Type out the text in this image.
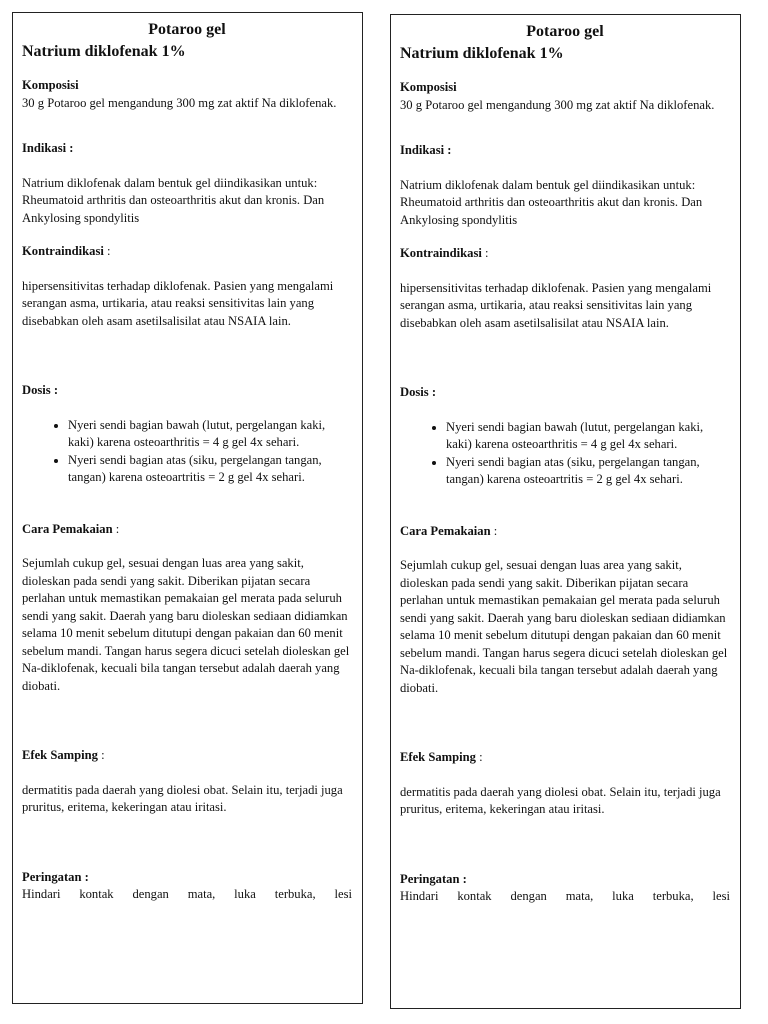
Potaroo gel
Natrium diklofenak 1%
Komposisi
30 g Potaroo gel mengandung 300 mg zat aktif Na diklofenak.
Indikasi :
Natrium diklofenak dalam bentuk gel diindikasikan untuk: Rheumatoid arthritis dan osteoarthritis akut dan kronis. Dan Ankylosing spondylitis
Kontraindikasi :
hipersensitivitas terhadap diklofenak. Pasien yang mengalami serangan asma, urtikaria, atau reaksi sensitivitas lain yang disebabkan oleh asam asetilsalisilat atau NSAIA lain.
Dosis :
• Nyeri sendi bagian bawah (lutut, pergelangan kaki, kaki) karena osteoarthritis = 4 g gel 4x sehari.
• Nyeri sendi bagian atas (siku, pergelangan tangan, tangan) karena osteoartritis = 2 g gel 4x sehari.
Cara Pemakaian :
Sejumlah cukup gel, sesuai dengan luas area yang sakit, dioleskan pada sendi yang sakit. Diberikan pijatan secara perlahan untuk memastikan pemakaian gel merata pada seluruh sendi yang sakit. Daerah yang baru dioleskan sediaan didiamkan selama 10 menit sebelum ditutupi dengan pakaian dan 60 menit sebelum mandi. Tangan harus segera dicuci setelah dioleskan gel Na-diklofenak, kecuali bila tangan tersebut adalah daerah yang diobati.
Efek Samping :
dermatitis pada daerah yang diolesi obat. Selain itu, terjadi juga pruritus, eritema, kekeringan atau iritasi.
Peringatan :
Hindari kontak dengan mata, luka terbuka, lesi
Potaroo gel
Natrium diklofenak 1%
Komposisi
30 g Potaroo gel mengandung 300 mg zat aktif Na diklofenak.
Indikasi :
Natrium diklofenak dalam bentuk gel diindikasikan untuk: Rheumatoid arthritis dan osteoarthritis akut dan kronis. Dan Ankylosing spondylitis
Kontraindikasi :
hipersensitivitas terhadap diklofenak. Pasien yang mengalami serangan asma, urtikaria, atau reaksi sensitivitas lain yang disebabkan oleh asam asetilsalisilat atau NSAIA lain.
Dosis :
• Nyeri sendi bagian bawah (lutut, pergelangan kaki, kaki) karena osteoarthritis = 4 g gel 4x sehari.
• Nyeri sendi bagian atas (siku, pergelangan tangan, tangan) karena osteoartritis = 2 g gel 4x sehari.
Cara Pemakaian :
Sejumlah cukup gel, sesuai dengan luas area yang sakit, dioleskan pada sendi yang sakit. Diberikan pijatan secara perlahan untuk memastikan pemakaian gel merata pada seluruh sendi yang sakit. Daerah yang baru dioleskan sediaan didiamkan selama 10 menit sebelum ditutupi dengan pakaian dan 60 menit sebelum mandi. Tangan harus segera dicuci setelah dioleskan gel Na-diklofenak, kecuali bila tangan tersebut adalah daerah yang diobati.
Efek Samping :
dermatitis pada daerah yang diolesi obat. Selain itu, terjadi juga pruritus, eritema, kekeringan atau iritasi.
Peringatan :
Hindari kontak dengan mata, luka terbuka, lesi
